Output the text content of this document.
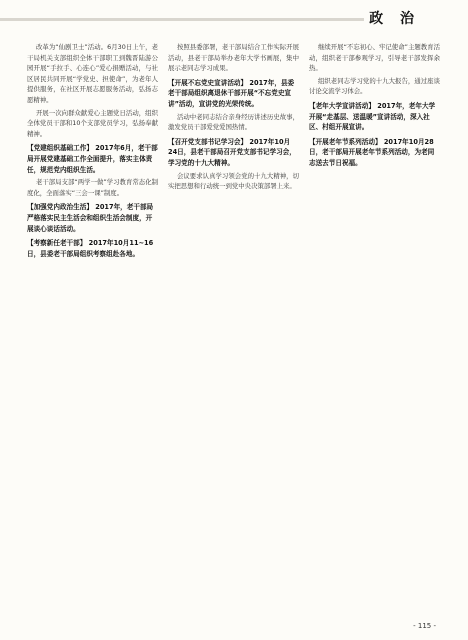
政 治

改革为“仙剧卫士”活动。6月30日上午，老干局机关支部组织全体干部职工到魏晋陆游公园开展“手拉手、心连心”爱心捐赠活动，与社区居民共同开展“学党史、担使命”，为老年人提供服务，在社区开展志愿服务活动，弘扬志愿精神。

开展一次向群众献爱心主题党日活动，组织全体党员干部和10个支部党员学习，弘扬奉献精神。

【党建组织基础工作】 2017年6月，老干部局开展党建基础工作全面提升，落实主体责任，规范党内组织生活。

老干部局支部“两学一做”学习教育常态化制度化，全面落实“三会一课”制度。

【加强党内政治生活】 2017年，老干部局严格落实民主生活会和组织生活会制度，开展谈心谈话活动。
【考察新任老干部】 2017年10月11~16日，县委老干部局组织考察组赴各地。

按照县委部署，老干部局结合工作实际开展活动，县老干部局举办老年大学书画展，集中展示老同志学习成果。

【开展不忘党史宣讲活动】 2017年，县委老干部局组织离退休干部开展“不忘党史宣讲”活动，宣讲党的光荣传统。

活动中老同志结合亲身经历讲述历史故事，激发党员干部爱党爱国热情。

【召开党支部书记学习会】 2017年10月24日，县老干部局召开党支部书记学习会，学习党的十九大精神。

会议要求认真学习领会党的十九大精神，切实把思想和行动统一到党中央决策部署上来。

继续开展“不忘初心、牢记使命”主题教育活动，组织老干部参观学习，引导老干部发挥余热。

组织老同志学习党的十九大报告，通过座谈讨论交流学习体会。

【老年大学宣讲活动】 2017年，老年大学开展“走基层、送温暖”宣讲活动，深入社区、村组开展宣讲。
【开展老年节系列活动】 2017年10月28日，老干部局开展老年节系列活动，为老同志送去节日祝福。
- 115 -
